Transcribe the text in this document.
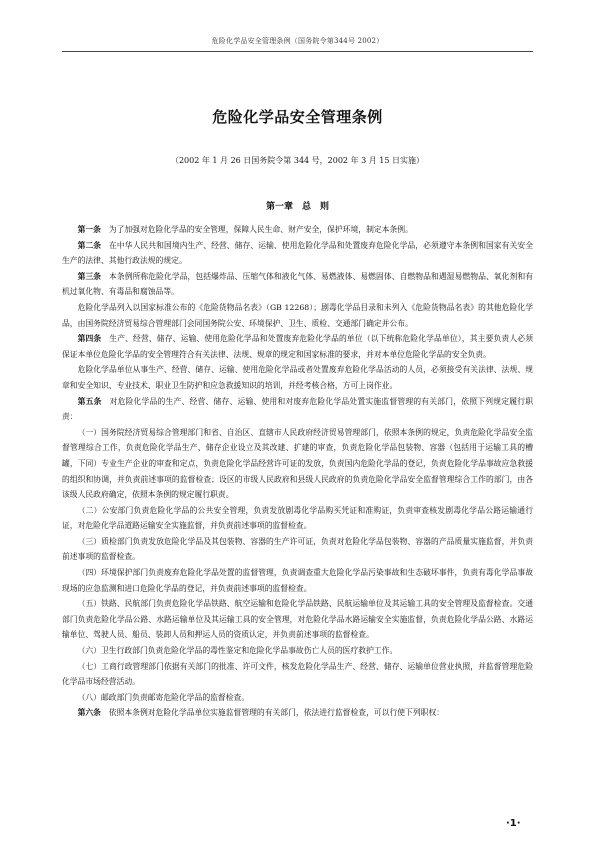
危险化学品安全管理条例（国务院令第344号 2002）
危险化学品安全管理条例

（2002 年 1 月 26 日国务院令第 344 号，2002 年 3 月 15 日实施）

第一章　总　则

第一条　 为了加强对危险化学品的安全管理，保障人民生命、财产安全，保护环境，制定本条例。

第二条　 在中华人民共和国境内生产、经营、储存、运输、使用危险化学品和处置废弃危险化学品，必须遵守本条例和国家有关安全生产的法律、其他行政法规的规定。

第三条　 本条例所称危险化学品，包括爆炸品、压缩气体和液化气体、易燃液体、易燃固体、自燃物品和遇湿易燃物品、氧化剂和有机过氧化物、有毒品和腐蚀品等。

危险化学品列入以国家标准公布的《危险货物品名表》（GB 12268）；剧毒化学品目录和未列入《危险货物品名表》的其他危险化学品，由国务院经济贸易综合管理部门会同国务院公安、环境保护、卫生、质检、交通部门确定并公布。

第四条　 生产、经营、储存、运输、使用危险化学品和处置废弃危险化学品的单位（以下统称危险化学品单位），其主要负责人必须保证本单位危险化学品的安全管理符合有关法律、法规、规章的规定和国家标准的要求，并对本单位危险化学品的安全负责。

危险化学品单位从事生产、经营、储存、运输、使用危险化学品或者处置废弃危险化学品活动的人员，必须接受有关法律、法规、规章和安全知识、专业技术、职业卫生防护和应急救援知识的培训，并经考核合格，方可上岗作业。

第五条　 对危险化学品的生产、经营、储存、运输、使用和对废弃危险化学品处置实施监督管理的有关部门，依照下列规定履行职责：

（一）国务院经济贸易综合管理部门和省、自治区、直辖市人民政府经济贸易管理部门，依照本条例的规定，负责危险化学品安全监督管理综合工作，负责危险化学品生产、储存企业设立及其改建、扩建的审查，负责危险化学品包装物、容器（包括用于运输工具的槽罐，下同）专业生产企业的审查和定点，负责危险化学品经营许可证的发放，负责国内危险化学品的登记，负责危险化学品事故应急救援的组织和协调，并负责前述事项的监督检查；设区的市级人民政府和县级人民政府的负责危险化学品安全监督管理综合工作的部门，由各该级人民政府确定，依照本条例的规定履行职责。

（二）公安部门负责危险化学品的公共安全管理，负责发放剧毒化学品购买凭证和准购证，负责审查核发剧毒化学品公路运输通行证，对危险化学品道路运输安全实施监督，并负责前述事项的监督检查。

（三）质检部门负责发放危险化学品及其包装物、容器的生产许可证，负责对危险化学品包装物、容器的产品质量实施监督，并负责前述事项的监督检查。

（四）环境保护部门负责废弃危险化学品处置的监督管理，负责调查重大危险化学品污染事故和生态破坏事件，负责有毒化学品事故现场的应急监测和进口危险化学品的登记，并负责前述事项的监督检查。

（五）铁路、民航部门负责危险化学品铁路、航空运输和危险化学品铁路、民航运输单位及其运输工具的安全管理及监督检查。交通部门负责危险化学品公路、水路运输单位及其运输工具的安全管理，对危险化学品水路运输安全实施监督，负责危险化学品公路、水路运输单位、驾驶人员、船员、装卸人员和押运人员的资质认定，并负责前述事项的监督检查。

（六）卫生行政部门负责危险化学品的毒性鉴定和危险化学品事故伤亡人员的医疗救护工作。

（七）工商行政管理部门依据有关部门的批准、许可文件，核发危险化学品生产、经营、储存、运输单位营业执照，并监督管理危险化学品市场经营活动。

（八）邮政部门负责邮寄危险化学品的监督检查。

第六条　 依照本条例对危险化学品单位实施监督管理的有关部门，依法进行监督检查，可以行使下列职权：

·1·
